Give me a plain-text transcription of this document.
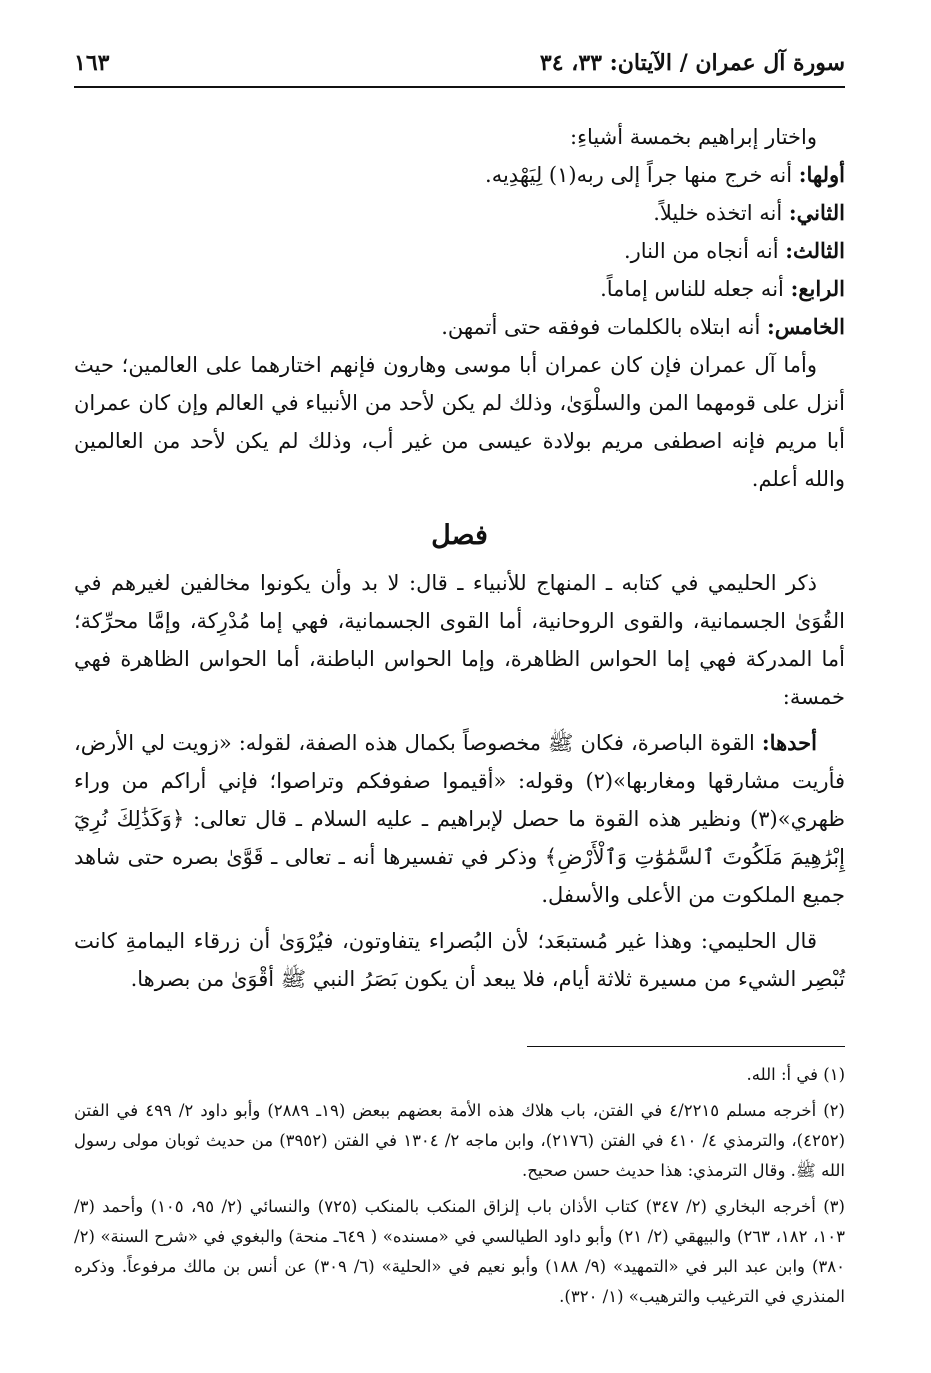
سورة آل عمران / الآيتان: ٣٣، ٣٤
١٦٣

واختار إبراهيم بخمسة أشياءِ:

أولها: أنه خرج منها جراً إلى ربه(١) لِيَهْدِيه.

الثاني: أنه اتخذه خليلاً.

الثالث: أنه أنجاه من النار.

الرابع: أنه جعله للناس إماماً.

الخامس: أنه ابتلاه بالكلمات فوفقه حتى أتمهن.

وأما آل عمران فإن كان عمران أبا موسى وهارون فإنهم اختارهما على العالمين؛ حيث أنزل على قومهما المن والسلْوَىٰ، وذلك لم يكن لأحد من الأنبياء في العالم وإن كان عمران أبا مريم فإنه اصطفى مريم بولادة عيسى من غير أب، وذلك لم يكن لأحد من العالمين والله أعلم.

فصل

ذكر الحليمي في كتابه ـ المنهاج للأنبياء ـ قال: لا بد وأن يكونوا مخالفين لغيرهم في القُوَىٰ الجسمانية، والقوى الروحانية، أما القوى الجسمانية، فهي إما مُدْرِكة، وإمَّا محرِّكة؛ أما المدركة فهي إما الحواس الظاهرة، وإما الحواس الباطنة، أما الحواس الظاهرة فهي خمسة:

أحدها: القوة الباصرة، فكان ﷺ مخصوصاً بكمال هذه الصفة، لقوله: «زويت لي الأرض، فأريت مشارقها ومغاربها»(٢) وقوله: «أقيموا صفوفكم وتراصوا؛ فإني أراكم من وراء ظهري»(٣) ونظير هذه القوة ما حصل لإبراهيم ـ عليه السلام ـ قال تعالى: ﴿وَكَذَٰلِكَ نُرِيٓ إِبْرَٰهِيمَ مَلَكُوتَ ٱلسَّمَٰوَٰتِ وَٱلْأَرْضِ﴾ وذكر في تفسيرها أنه ـ تعالى ـ قَوَّىٰ بصره حتى شاهد جميع الملكوت من الأعلى والأسفل.

قال الحليمي: وهذا غير مُستبعَد؛ لأن البُصراء يتفاوتون، فيُرْوَىٰ أن زرقاء اليمامةِ كانت تُبْصِر الشيء من مسيرة ثلاثة أيام، فلا يبعد أن يكون بَصَرُ النبي ﷺ أقْوَىٰ من بصرها.

(١) في أ: الله.

(٢) أخرجه مسلم ٤/٢٢١٥ في الفتن، باب هلاك هذه الأمة بعضهم ببعض (١٩ـ ٢٨٨٩) وأبو داود ٢/ ٤٩٩ في الفتن (٤٢٥٢)، والترمذي ٤/ ٤١٠ في الفتن (٢١٧٦)، وابن ماجه ٢/ ١٣٠٤ في الفتن (٣٩٥٢) من حديث ثوبان مولى رسول الله ﷺ. وقال الترمذي: هذا حديث حسن صحيح.

(٣) أخرجه البخاري (٢/ ٣٤٧) كتاب الأذان باب إلزاق المنكب بالمنكب (٧٢٥) والنسائي (٢/ ٩٥، ١٠٥) وأحمد (٣/ ١٠٣، ١٨٢، ٢٦٣) والبيهقي (٢/ ٢١) وأبو داود الطيالسي في «مسنده» ( ٦٤٩ـ منحة) والبغوي في «شرح السنة» (٢/ ٣٨٠) وابن عبد البر في «التمهيد» (٩/ ١٨٨) وأبو نعيم في «الحلية» (٦/ ٣٠٩) عن أنس بن مالك مرفوعاً. وذكره المنذري في الترغيب والترهيب» (١/ ٣٢٠).
